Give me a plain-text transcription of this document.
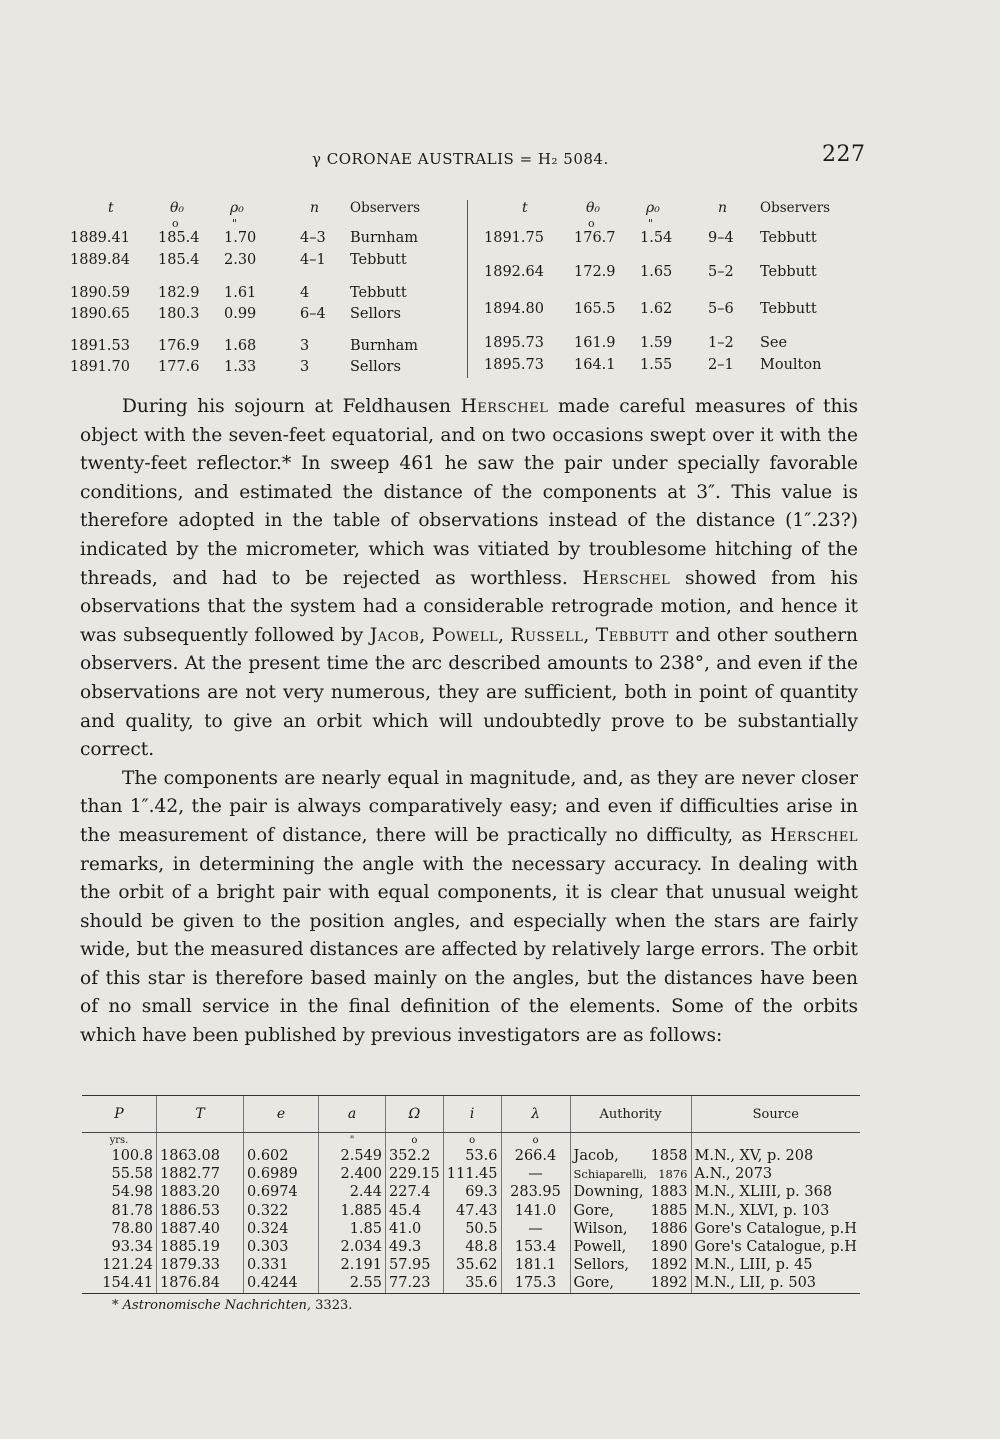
γ CORONAE AUSTRALIS = H₂ 5084.	227
t	θ₀	ρ₀	n Observers
o	"
t	θ₀	ρ₀	n Observers
o	"
1889.41 185.4 1.70	4–3 Burnham
1889.84 185.4 2.30	4–1 Tebbutt
1890.59 182.9 1.61	4	Tebbutt
1890.65 180.3 0.99	6–4 Sellors
1891.53 176.9 1.68	3	Burnham
1891.70 177.6 1.33	3	Sellors
1891.75 176.7 1.54 9–4 Tebbutt
1892.64 172.9 1.65 5–2 Tebbutt
1894.80 165.5 1.62 5–6 Tebbutt
1895.73 161.9 1.59 1–2 See
1895.73 164.1 1.55 2–1 Moulton

During his sojourn at Feldhausen Herschel made careful measures of this object with the seven-feet equatorial, and on two occasions swept over it with the twenty-feet reflector.* In sweep 461 he saw the pair under specially favorable conditions, and estimated the distance of the components at 3″. This value is therefore adopted in the table of observations instead of the distance (1″.23?) indicated by the micrometer, which was vitiated by troublesome hitching of the threads, and had to be rejected as worthless. Herschel showed from his observations that the system had a considerable retrograde motion, and hence it was subsequently followed by Jacob, Powell, Russell, Tebbutt and other southern observers. At the present time the arc described amounts to 238°, and even if the observations are not very numerous, they are sufficient, both in point of quantity and quality, to give an orbit which will undoubtedly prove to be substantially correct.

The components are nearly equal in magnitude, and, as they are never closer than 1″.42, the pair is always comparatively easy; and even if difficulties arise in the measurement of distance, there will be practically no difficulty, as Herschel remarks, in determining the angle with the necessary accuracy. In dealing with the orbit of a bright pair with equal components, it is clear that unusual weight should be given to the position angles, and especially when the stars are fairly wide, but the measured distances are affected by relatively large errors. The orbit of this star is therefore based mainly on the angles, but the distances have been of no small service in the final definition of the elements. Some of the orbits which have been published by previous investigators are as follows:

P	T	e	a	Ω	i	λ	Authority	Source
yrs.			"	o	o	o		
100.8	1863.08	0.602	2.549	352.2	53.6	266.4	Jacob, 1858	M.N., XV, p. 208
55.58	1882.77	0.6989	2.400	229.15	111.45	—	Schiaparelli, 1876	A.N., 2073
54.98	1883.20	0.6974	2.44	227.4	69.3	283.95	Downing, 1883	M.N., XLIII, p. 368
81.78	1886.53	0.322	1.885	45.4	47.43	141.0	Gore, 1885	M.N., XLVI, p. 103
78.80	1887.40	0.324	1.85	41.0	50.5	—	Wilson, 1886	Gore's Catalogue, p.H
93.34	1885.19	0.303	2.034	49.3	48.8	153.4	Powell, 1890	Gore's Catalogue, p.H
121.24	1879.33	0.331	2.191	57.95	35.62	181.1	Sellors, 1892	M.N., LIII, p. 45
154.41	1876.84	0.4244	2.55	77.23	35.6	175.3	Gore, 1892	M.N., LII, p. 503
* Astronomische Nachrichten, 3323.
